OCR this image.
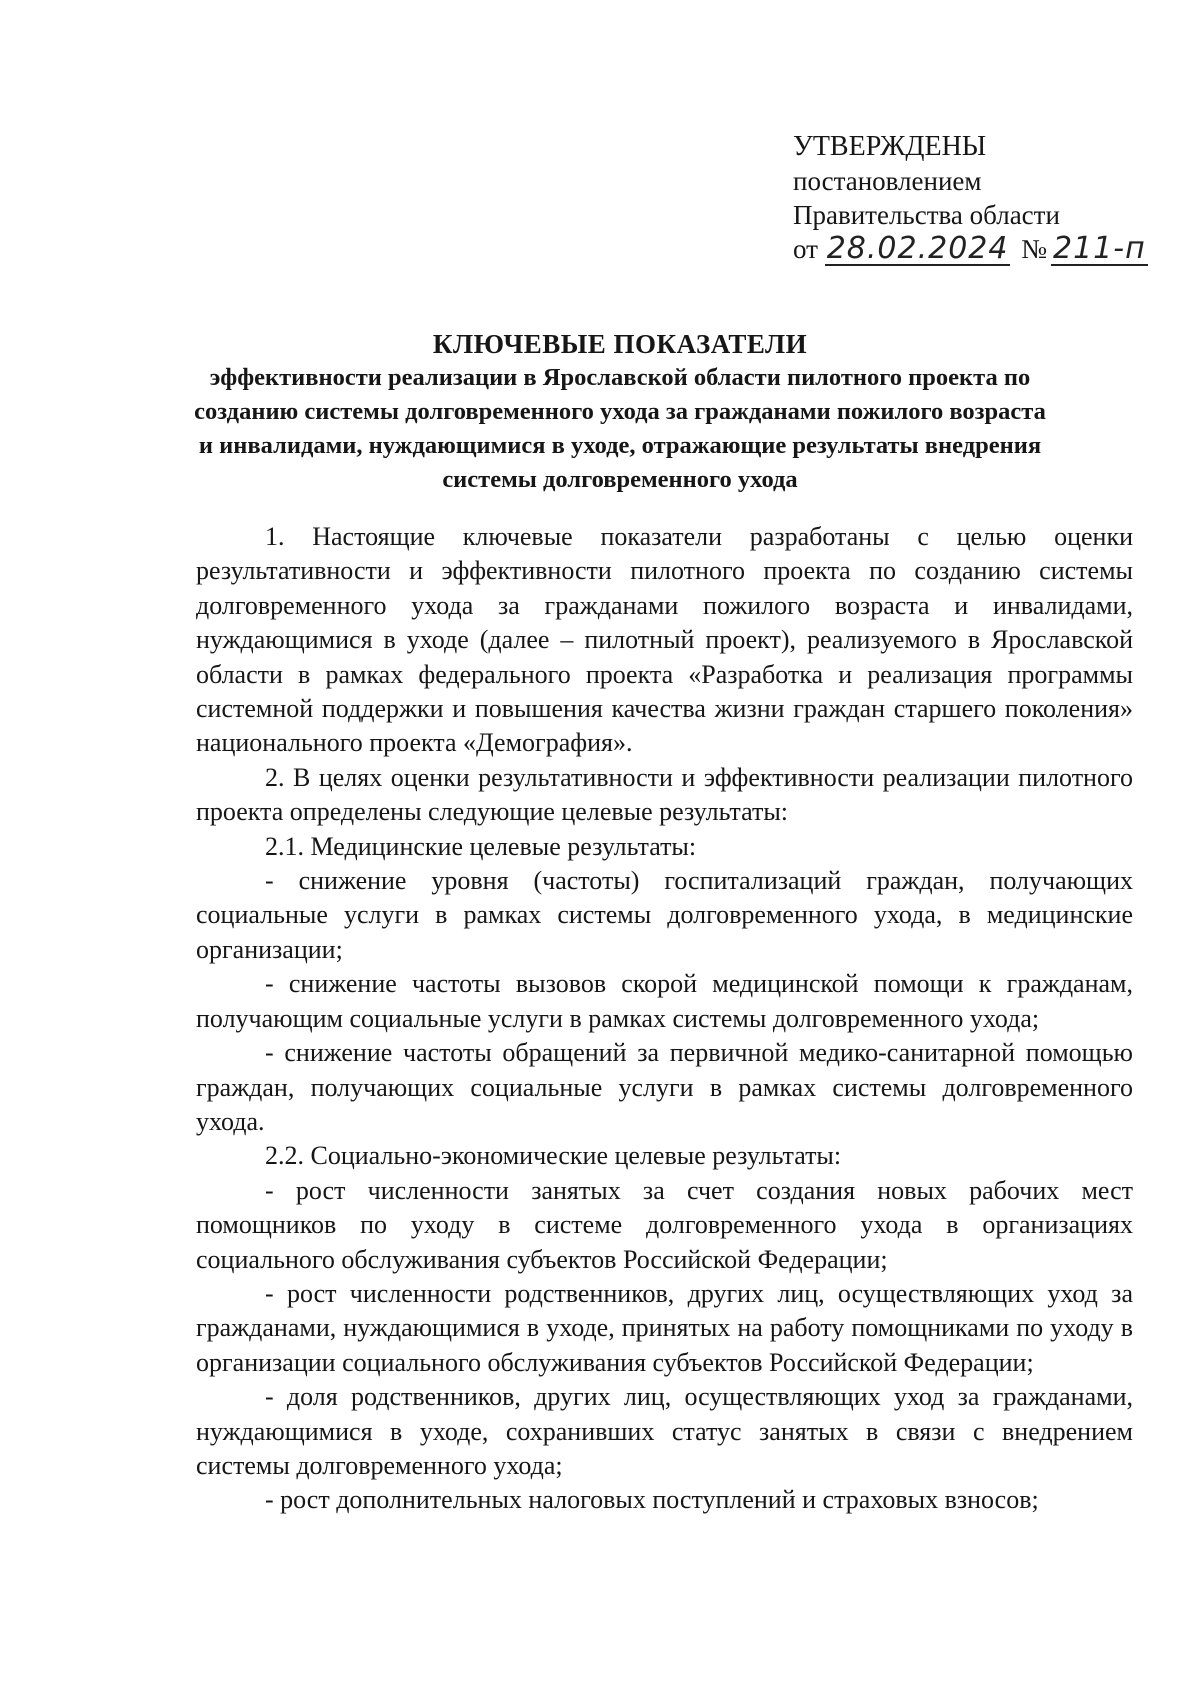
УТВЕРЖДЕНЫ
постановлением
Правительства области
от 28.02.2024 № 211-п
КЛЮЧЕВЫЕ ПОКАЗАТЕЛИ
эффективности реализации в Ярославской области пилотного проекта по созданию системы долговременного ухода за гражданами пожилого возраста и инвалидами, нуждающимися в уходе, отражающие результаты внедрения системы долговременного ухода

1. Настоящие ключевые показатели разработаны с целью оценки результативности и эффективности пилотного проекта по созданию системы долговременного ухода за гражданами пожилого возраста и инвалидами, нуждающимися в уходе (далее – пилотный проект), реализуемого в Ярославской области в рамках федерального проекта «Разработка и реализация программы системной поддержки и повышения качества жизни граждан старшего поколения» национального проекта «Демография».

2. В целях оценки результативности и эффективности реализации пилотного проекта определены следующие целевые результаты:

2.1. Медицинские целевые результаты:

- снижение уровня (частоты) госпитализаций граждан, получающих социальные услуги в рамках системы долговременного ухода, в медицинские организации;

- снижение частоты вызовов скорой медицинской помощи к гражданам, получающим социальные услуги в рамках системы долговременного ухода;

- снижение частоты обращений за первичной медико-санитарной помощью граждан, получающих социальные услуги в рамках системы долговременного ухода.

2.2. Социально-экономические целевые результаты:

- рост численности занятых за счет создания новых рабочих мест помощников по уходу в системе долговременного ухода в организациях социального обслуживания субъектов Российской Федерации;

- рост численности родственников, других лиц, осуществляющих уход за гражданами, нуждающимися в уходе, принятых на работу помощниками по уходу в организации социального обслуживания субъектов Российской Федерации;

- доля родственников, других лиц, осуществляющих уход за гражданами, нуждающимися в уходе, сохранивших статус занятых в связи с внедрением системы долговременного ухода;

- рост дополнительных налоговых поступлений и страховых взносов;
